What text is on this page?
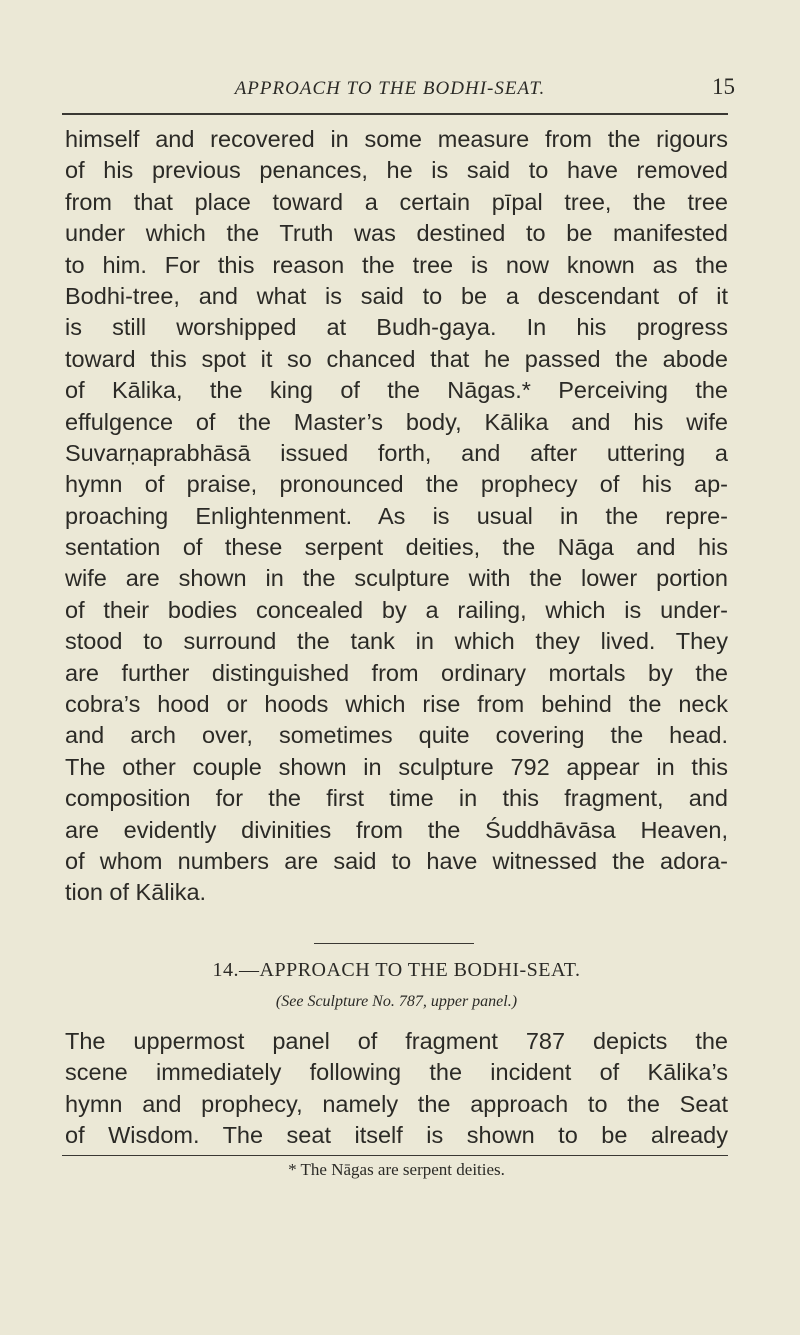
APPROACH TO THE BODHI-SEAT.	15
himself and recovered in some measure from the rigours
of his previous penances, he is said to have removed
from that place toward a certain pīpal tree, the tree
under which the Truth was destined to be manifested
to him. For this reason the tree is now known as the
Bodhi-tree, and what is said to be a descendant of it
is still worshipped at Budh-gaya. In his progress
toward this spot it so chanced that he passed the abode
of Kālika, the king of the Nāgas.* Perceiving the
effulgence of the Master’s body, Kālika and his wife
Suvarṇaprabhāsā issued forth, and after uttering a
hymn of praise, pronounced the prophecy of his ap-
proaching Enlightenment. As is usual in the repre-
sentation of these serpent deities, the Nāga and his
wife are shown in the sculpture with the lower portion
of their bodies concealed by a railing, which is under-
stood to surround the tank in which they lived. They
are further distinguished from ordinary mortals by the
cobra’s hood or hoods which rise from behind the neck
and arch over, sometimes quite covering the head.
The other couple shown in sculpture 792 appear in this
composition for the first time in this fragment, and
are evidently divinities from the Śuddhāvāsa Heaven,
of whom numbers are said to have witnessed the adora-
tion of Kālika.
14.—APPROACH TO THE BODHI-SEAT.
(See Sculpture No. 787, upper panel.)
The uppermost panel of fragment 787 depicts the
scene immediately following the incident of Kālika’s
hymn and prophecy, namely the approach to the Seat
of Wisdom. The seat itself is shown to be already
* The Nāgas are serpent deities.
